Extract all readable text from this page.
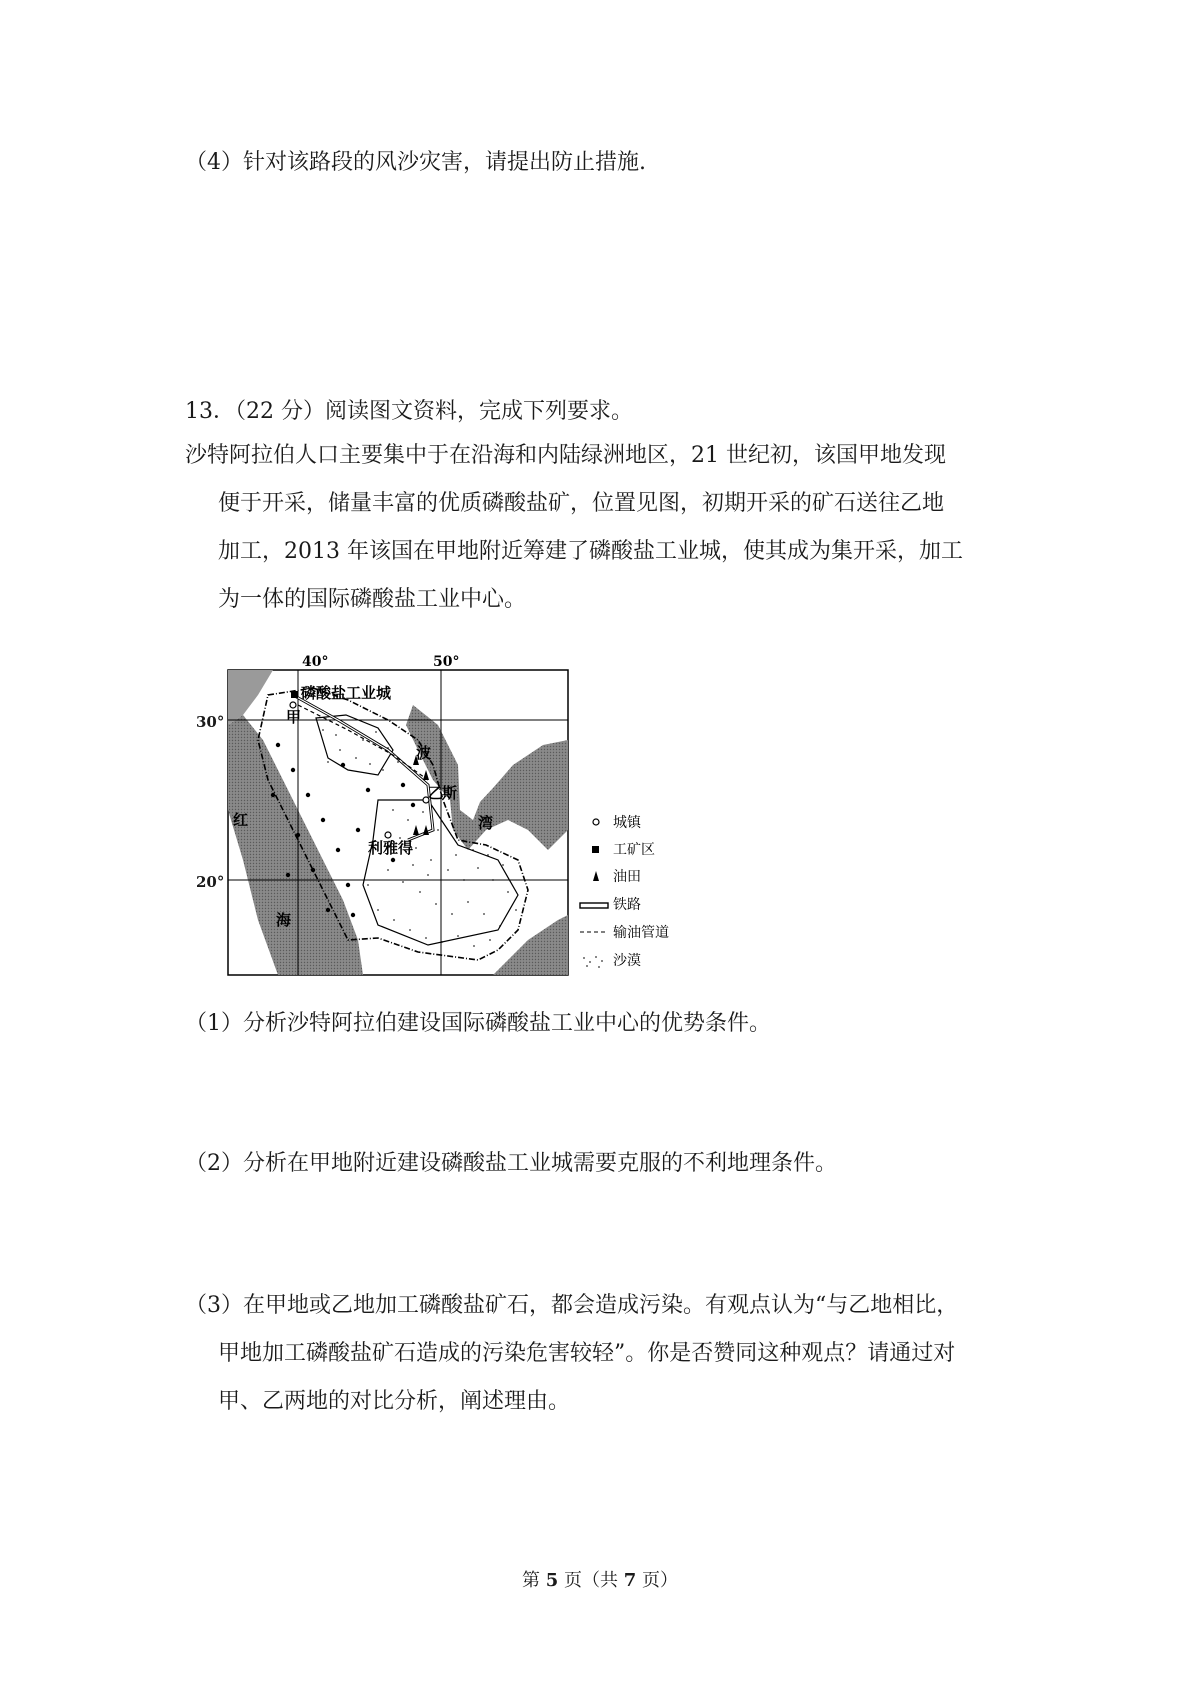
（4）针对该路段的风沙灾害，请提出防止措施.
13．（22 分）阅读图文资料，完成下列要求。
沙特阿拉伯人口主要集中于在沿海和内陆绿洲地区，21 世纪初，该国甲地发现
便于开采，储量丰富的优质磷酸盐矿，位置见图，初期开采的矿石送往乙地
加工，2013 年该国在甲地附近筹建了磷酸盐工业城，使其成为集开采，加工
为一体的国际磷酸盐工业中心。
40°	50°
磷酸盐工业城
甲
乙
斯
波
湾
利雅得
红
海
城镇
工矿区
油田
铁路
输油管道
沙漠
30°
20°
（1）分析沙特阿拉伯建设国际磷酸盐工业中心的优势条件。
（2）分析在甲地附近建设磷酸盐工业城需要克服的不利地理条件。
（3）在甲地或乙地加工磷酸盐矿石，都会造成污染。有观点认为“与乙地相比，
甲地加工磷酸盐矿石造成的污染危害较轻”。你是否赞同这种观点？请通过对
甲、乙两地的对比分析，阐述理由。
第 5 页（共 7 页）
